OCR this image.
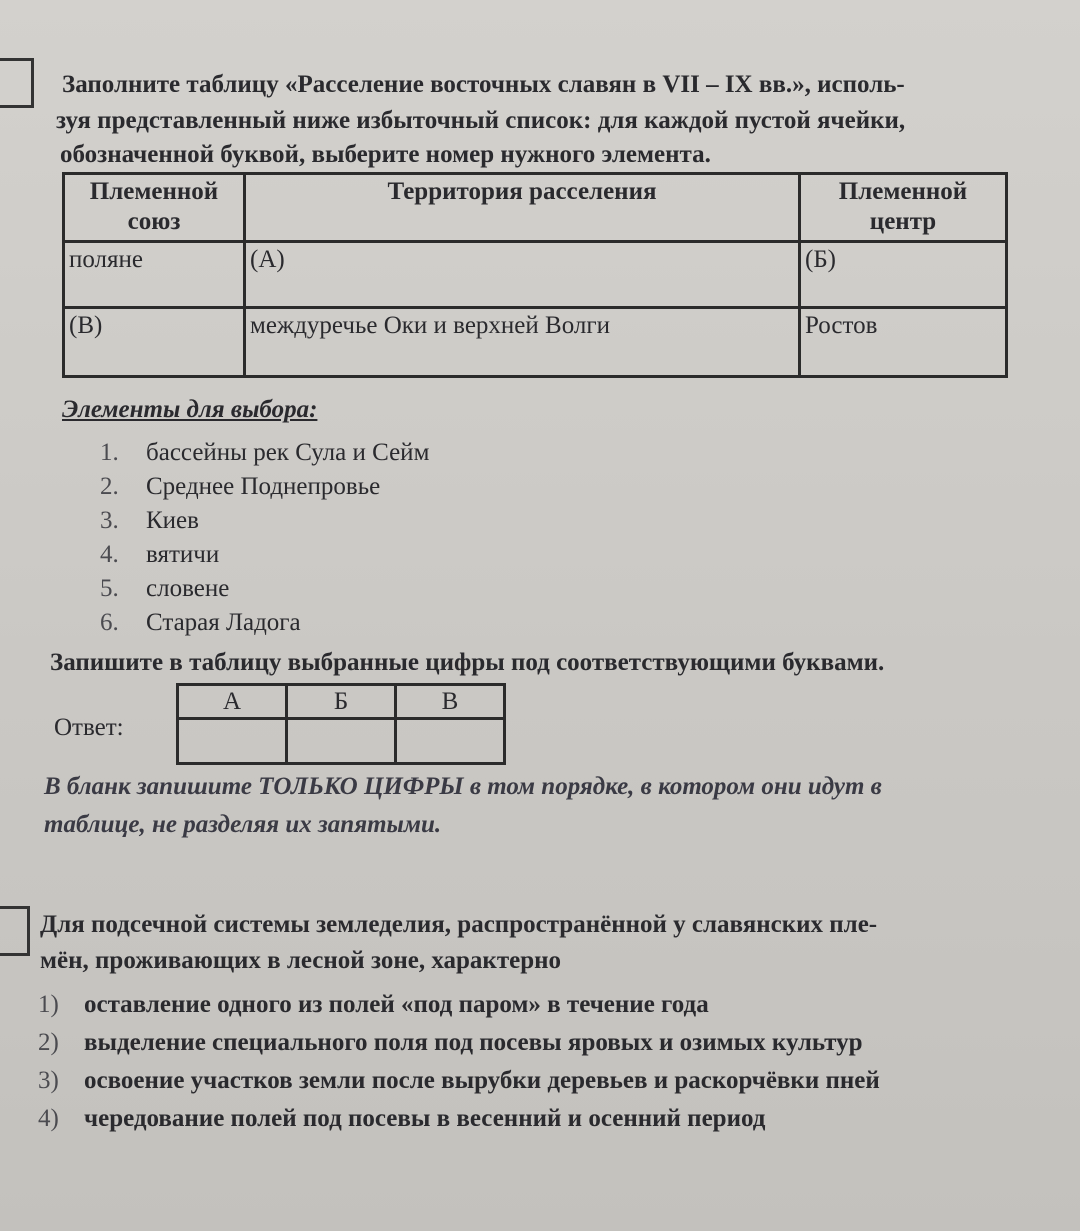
Заполните таблицу «Расселение восточных славян в VII – IX вв.», исполь-
зуя представленный ниже избыточный список: для каждой пустой ячейки,
обозначенной буквой, выберите номер нужного элемента.
Племенной союз	Территория расселения	Племенной центр
поляне	(А)	(Б)
(В)	междуречье Оки и верхней Волги	Ростов
Элементы для выбора:
1.	бассейны рек Сула и Сейм
2.	Среднее Поднепровье
3.	Киев
4.	вятичи
5.	словене
6.	Старая Ладога
Запишите в таблицу выбранные цифры под соответствующими буквами.
Ответ:
А	Б	В

В бланк запишите ТОЛЬКО ЦИФРЫ в том порядке, в котором они идут в
таблице, не разделяя их запятыми.
Для подсечной системы земледелия, распространённой у славянских пле-
мён, проживающих в лесной зоне, характерно
1)	оставление одного из полей «под паром» в течение года
2)	выделение специального поля под посевы яровых и озимых культур
3)	освоение участков земли после вырубки деревьев и раскорчёвки пней
4)	чередование полей под посевы в весенний и осенний период
